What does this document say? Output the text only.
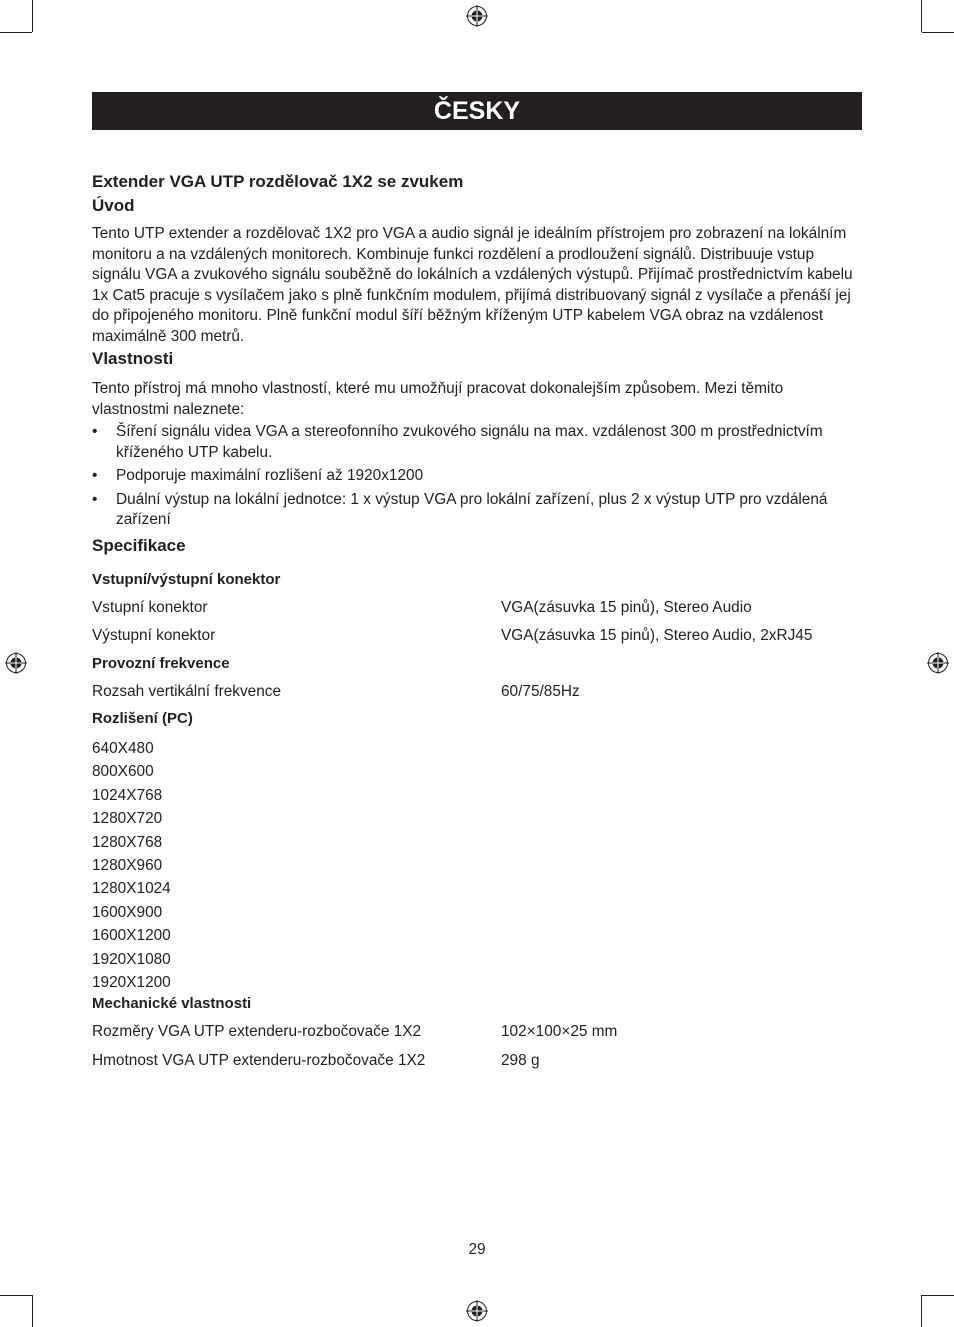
ČESKY
Extender VGA UTP rozdělovač 1X2 se zvukem
Úvod

Tento UTP extender a rozdělovač 1X2 pro VGA a audio signál je ideálním přístrojem pro zobrazení na lokálním monitoru a na vzdálených monitorech. Kombinuje funkci rozdělení a prodloužení signálů. Distribuuje vstup signálu VGA a zvukového signálu souběžně do lokálních a vzdálených výstupů. Přijímač prostřednictvím kabelu 1x Cat5 pracuje s vysílačem jako s plně funkčním modulem, přijímá distribuovaný signál z vysílače a přenáší jej do připojeného monitoru. Plně funkční modul šíří běžným kříženým UTP kabelem VGA obraz na vzdálenost maximálně 300 metrů.

Vlastnosti

Tento přístroj má mnoho vlastností, které mu umožňují pracovat dokonalejším způsobem. Mezi těmito vlastnostmi naleznete:

• Šíření signálu videa VGA a stereofonního zvukového signálu na max. vzdálenost 300 m prostřednictvím kříženého UTP kabelu.
• Podporuje maximální rozlišení až 1920x1200
• Duální výstup na lokální jednotce: 1 x výstup VGA pro lokální zařízení, plus 2 x výstup UTP pro vzdálená zařízení
Specifikace
Vstupní/výstupní konektor
Vstupní konektor	VGA(zásuvka 15 pinů), Stereo Audio
Výstupní konektor	VGA(zásuvka 15 pinů), Stereo Audio, 2xRJ45
Provozní frekvence
Rozsah vertikální frekvence	60/75/85Hz
Rozlišení (PC)
640X480
800X600
1024X768
1280X720
1280X768
1280X960
1280X1024
1600X900
1600X1200
1920X1080
1920X1200
Mechanické vlastnosti
Rozměry VGA UTP extenderu-rozbočovače 1X2	102×100×25 mm
Hmotnost VGA UTP extenderu-rozbočovače 1X2	298 g
29
